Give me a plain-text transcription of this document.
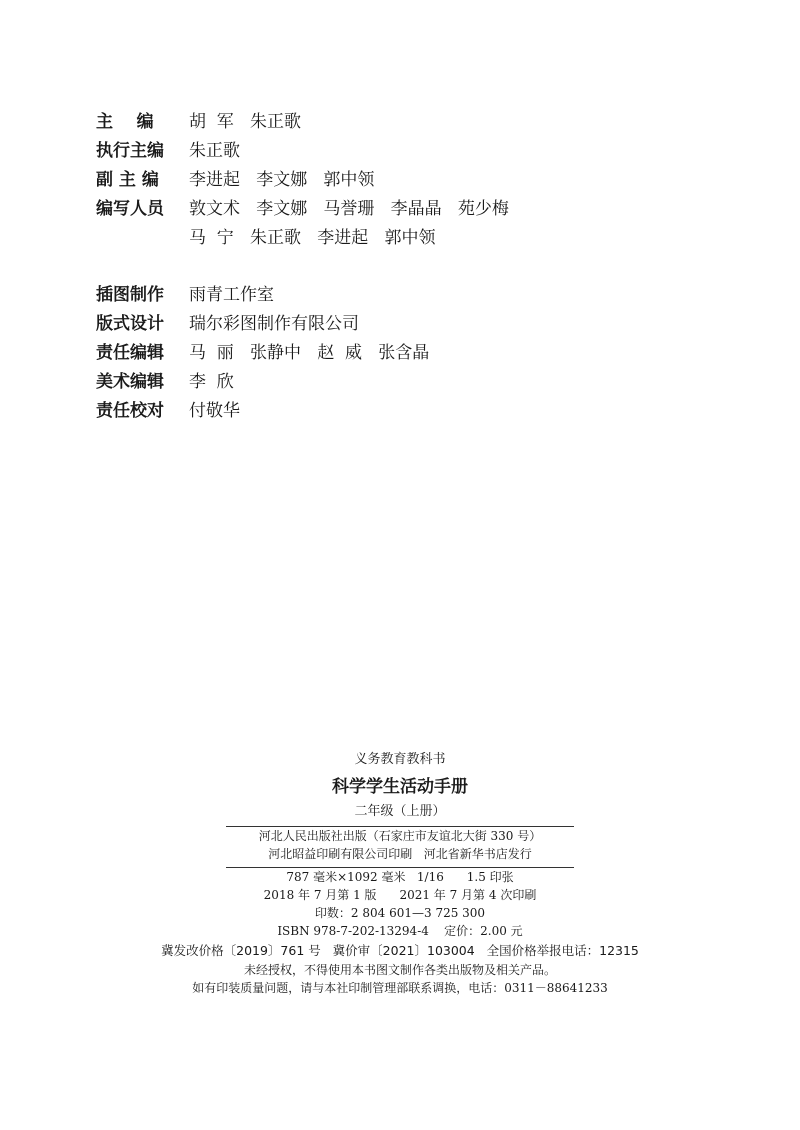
主    编	胡  军   朱正歌
执行主编	朱正歌
副 主 编	李进起   李文娜   郭中领
编写人员	敦文术   李文娜   马誉珊   李晶晶   苑少梅
马  宁   朱正歌   李进起   郭中领
插图制作	雨青工作室
版式设计	瑞尔彩图制作有限公司
责任编辑	马  丽   张静中   赵  威   张含晶
美术编辑	李  欣
责任校对	付敬华
义务教育教科书
科学学生活动手册
二年级（上册）
河北人民出版社出版（石家庄市友谊北大街 330 号）
河北昭益印刷有限公司印刷   河北省新华书店发行
787 毫米×1092 毫米   1/16      1.5 印张
2018 年 7 月第 1 版      2021 年 7 月第 4 次印刷
印数：2 804 601—3 725 300
ISBN 978-7-202-13294-4    定价：2.00 元
冀发改价格〔2019〕761 号   冀价审〔2021〕103004   全国价格举报电话：12315
未经授权，不得使用本书图文制作各类出版物及相关产品。
如有印装质量问题，请与本社印制管理部联系调换，电话：0311－88641233
